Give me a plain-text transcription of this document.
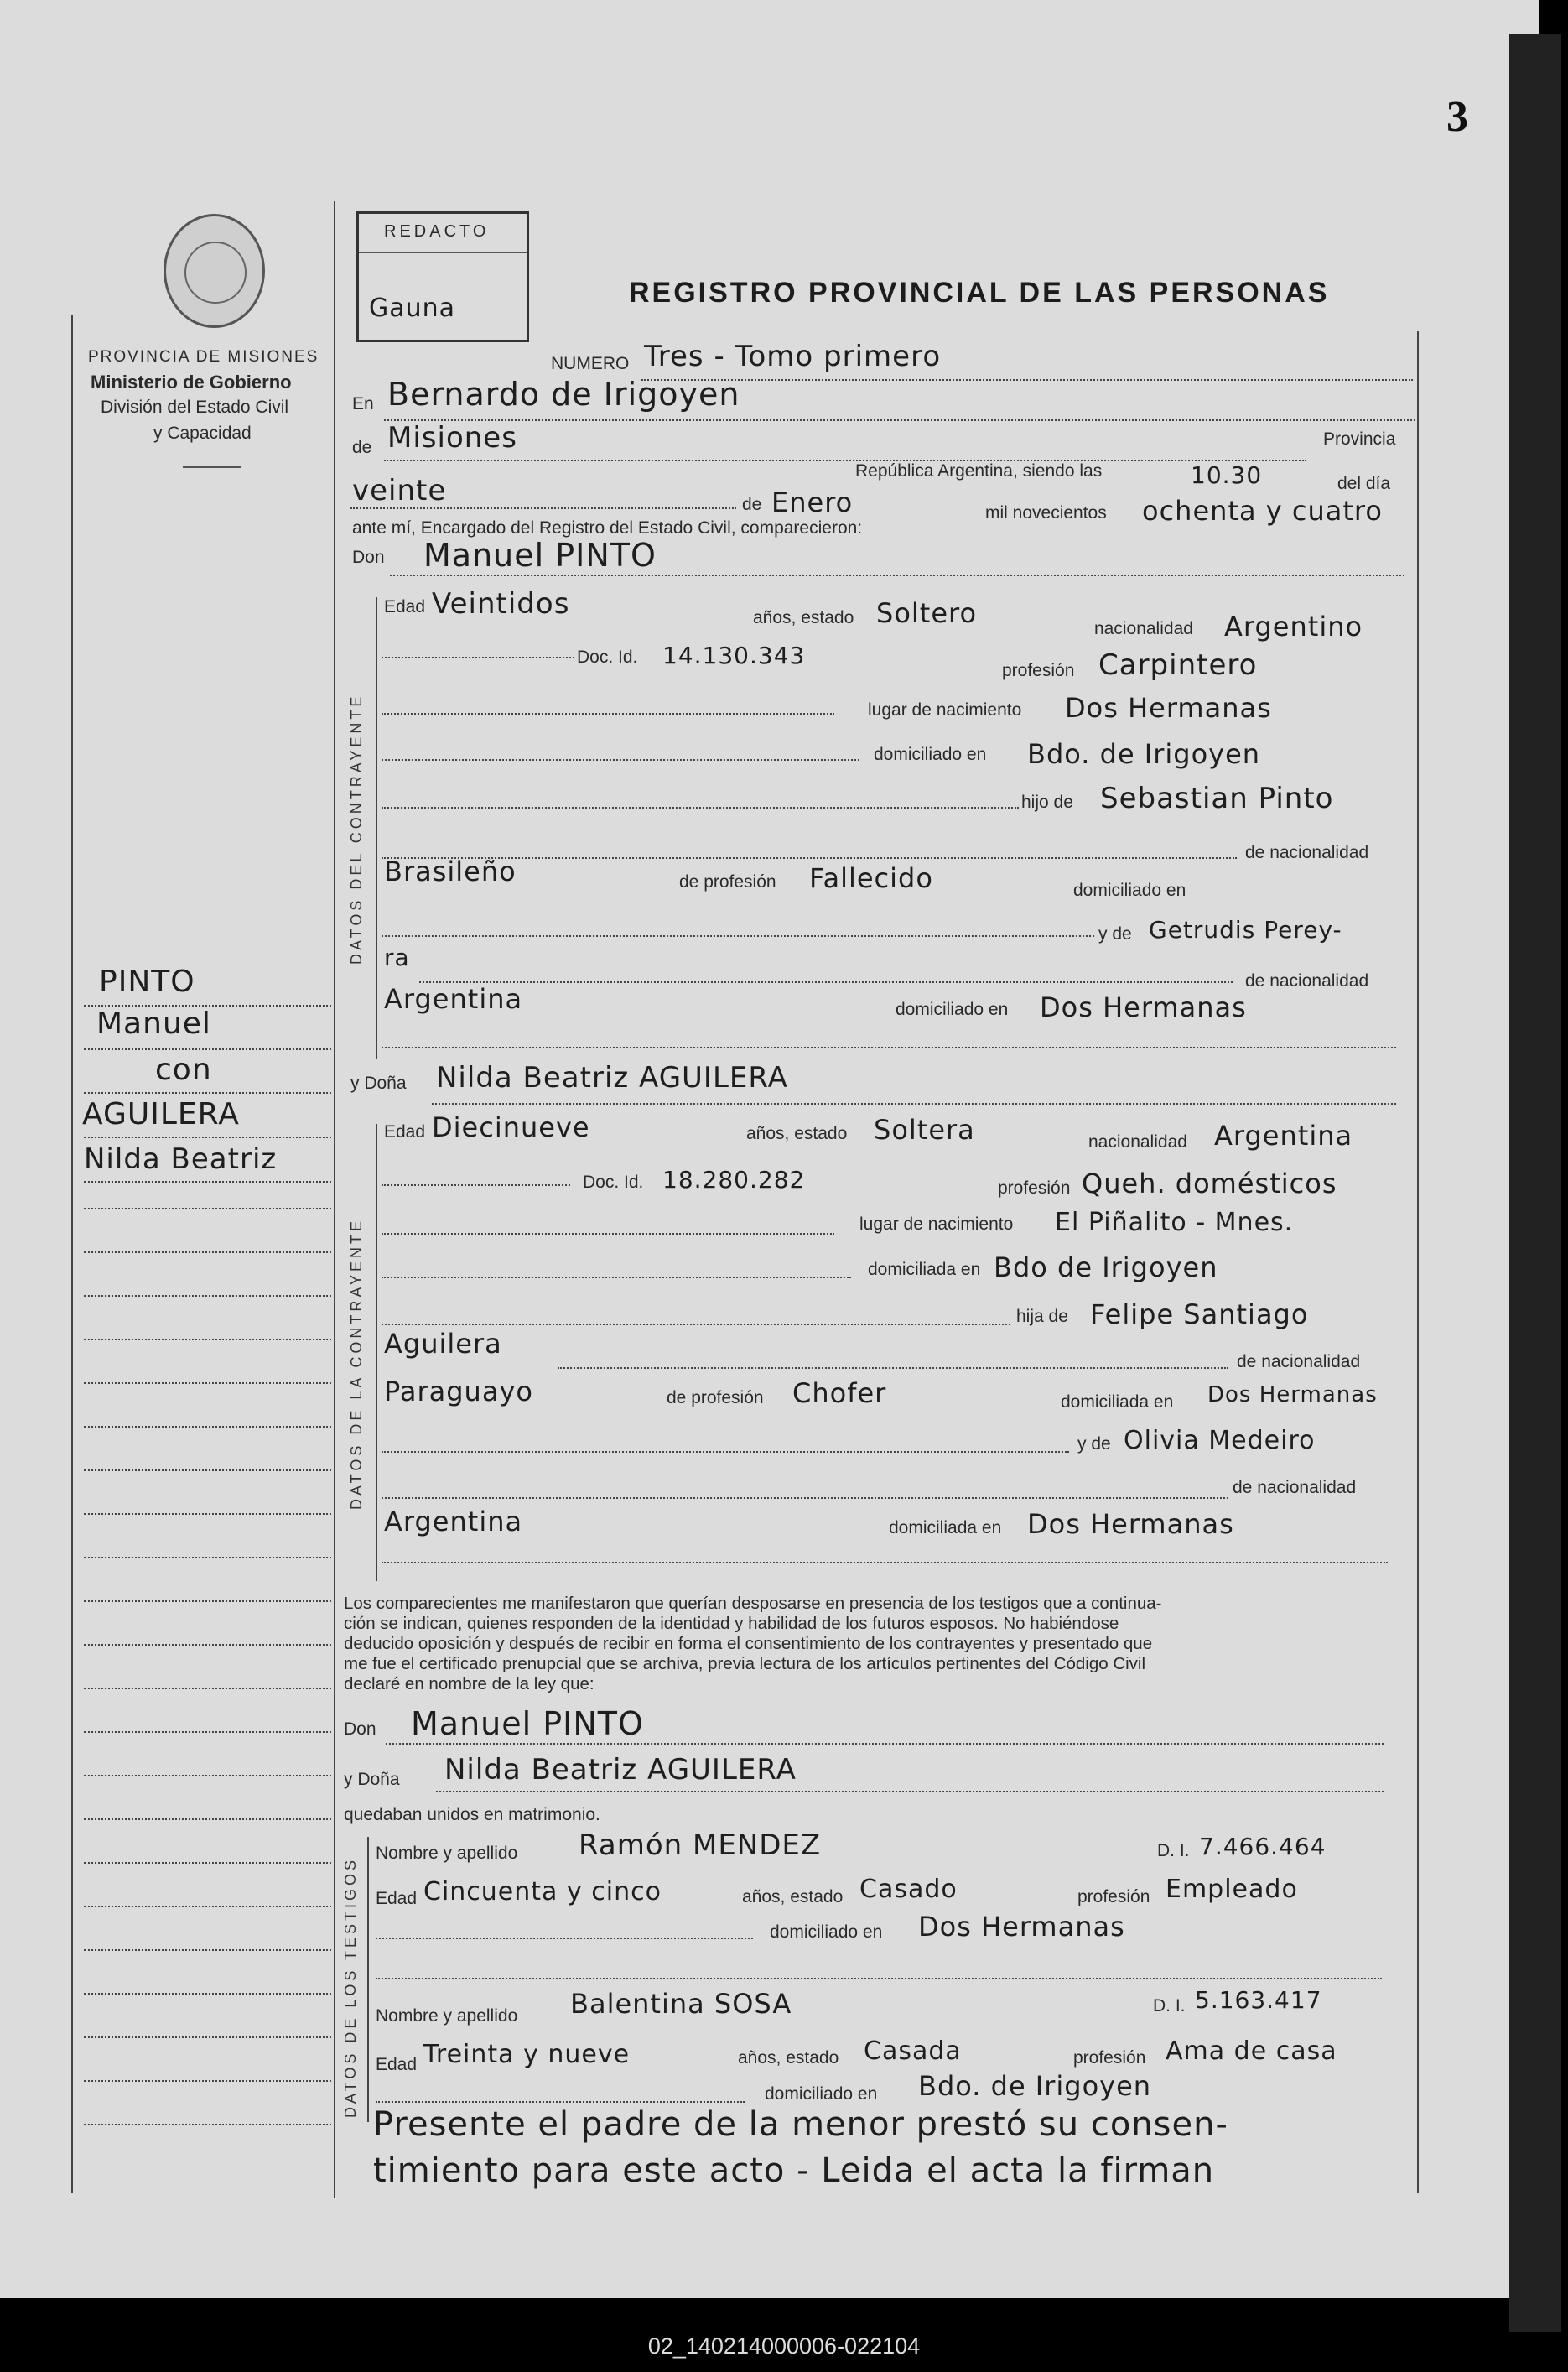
3
REDACTO
Gauna
PROVINCIA DE MISIONES
Ministerio de Gobierno
División del Estado Civil
y Capacidad
REGISTRO PROVINCIAL DE LAS PERSONAS
NUMERO Tres - Tomo primero
En Bernardo de Irigoyen
de Misiones	Provincia
República Argentina, siendo las	10.30	del día
veinte	de Enero	mil novecientos ochenta y cuatro
ante mí, Encargado del Registro del Estado Civil, comparecieron:
Don Manuel PINTO
DATOS DEL CONTRAYENTE
Edad Veintidos	años, estado Soltero	nacionalidad Argentino
Doc. Id. 14.130.343
profesión Carpintero
lugar de nacimiento Dos Hermanas
domiciliado en Bdo. de Irigoyen
hijo de Sebastian Pinto
de nacionalidad
Brasileño	de profesión Fallecido	domiciliado en
y de Getrudis Perey-
ra
de nacionalidad
Argentina	domiciliado en Dos Hermanas
y Doña Nilda Beatriz AGUILERA
DATOS DE LA CONTRAYENTE
Edad Diecinueve	años, estado Soltera	nacionalidad Argentina
Doc. Id. 18.280.282	profesión Queh. domésticos
lugar de nacimiento El Piñalito - Mnes.
domiciliada en Bdo de Irigoyen
hija de Felipe Santiago
Aguilera
de nacionalidad
Paraguayo	de profesión Chofer	domiciliada en Dos Hermanas
y de Olivia Medeiro
de nacionalidad
Argentina	domiciliada en Dos Hermanas
Los comparecientes me manifestaron que querían desposarse en presencia de los testigos que a continua-
ción se indican, quienes responden de la identidad y habilidad de los futuros esposos. No habiéndose
deducido oposición y después de recibir en forma el consentimiento de los contrayentes y presentado que
me fue el certificado prenupcial que se archiva, previa lectura de los artículos pertinentes del Código Civil
declaré en nombre de la ley que:
Don Manuel PINTO
y Doña Nilda Beatriz AGUILERA
quedaban unidos en matrimonio.
DATOS DE LOS TESTIGOS
Nombre y apellido Ramón MENDEZ	D. I. 7.466.464
Edad Cincuenta y cinco	años, estado Casado	profesión Empleado
domiciliado en Dos Hermanas
Nombre y apellido Balentina SOSA	D. I. 5.163.417
Edad Treinta y nueve	años, estado Casada	profesión Ama de casa
domiciliado en Bdo. de Irigoyen
Presente el padre de la menor prestó su consen-
timiento para este acto - Leida el acta la firman
PINTO
Manuel
con
AGUILERA
Nilda Beatriz
02_140214000006-022104
